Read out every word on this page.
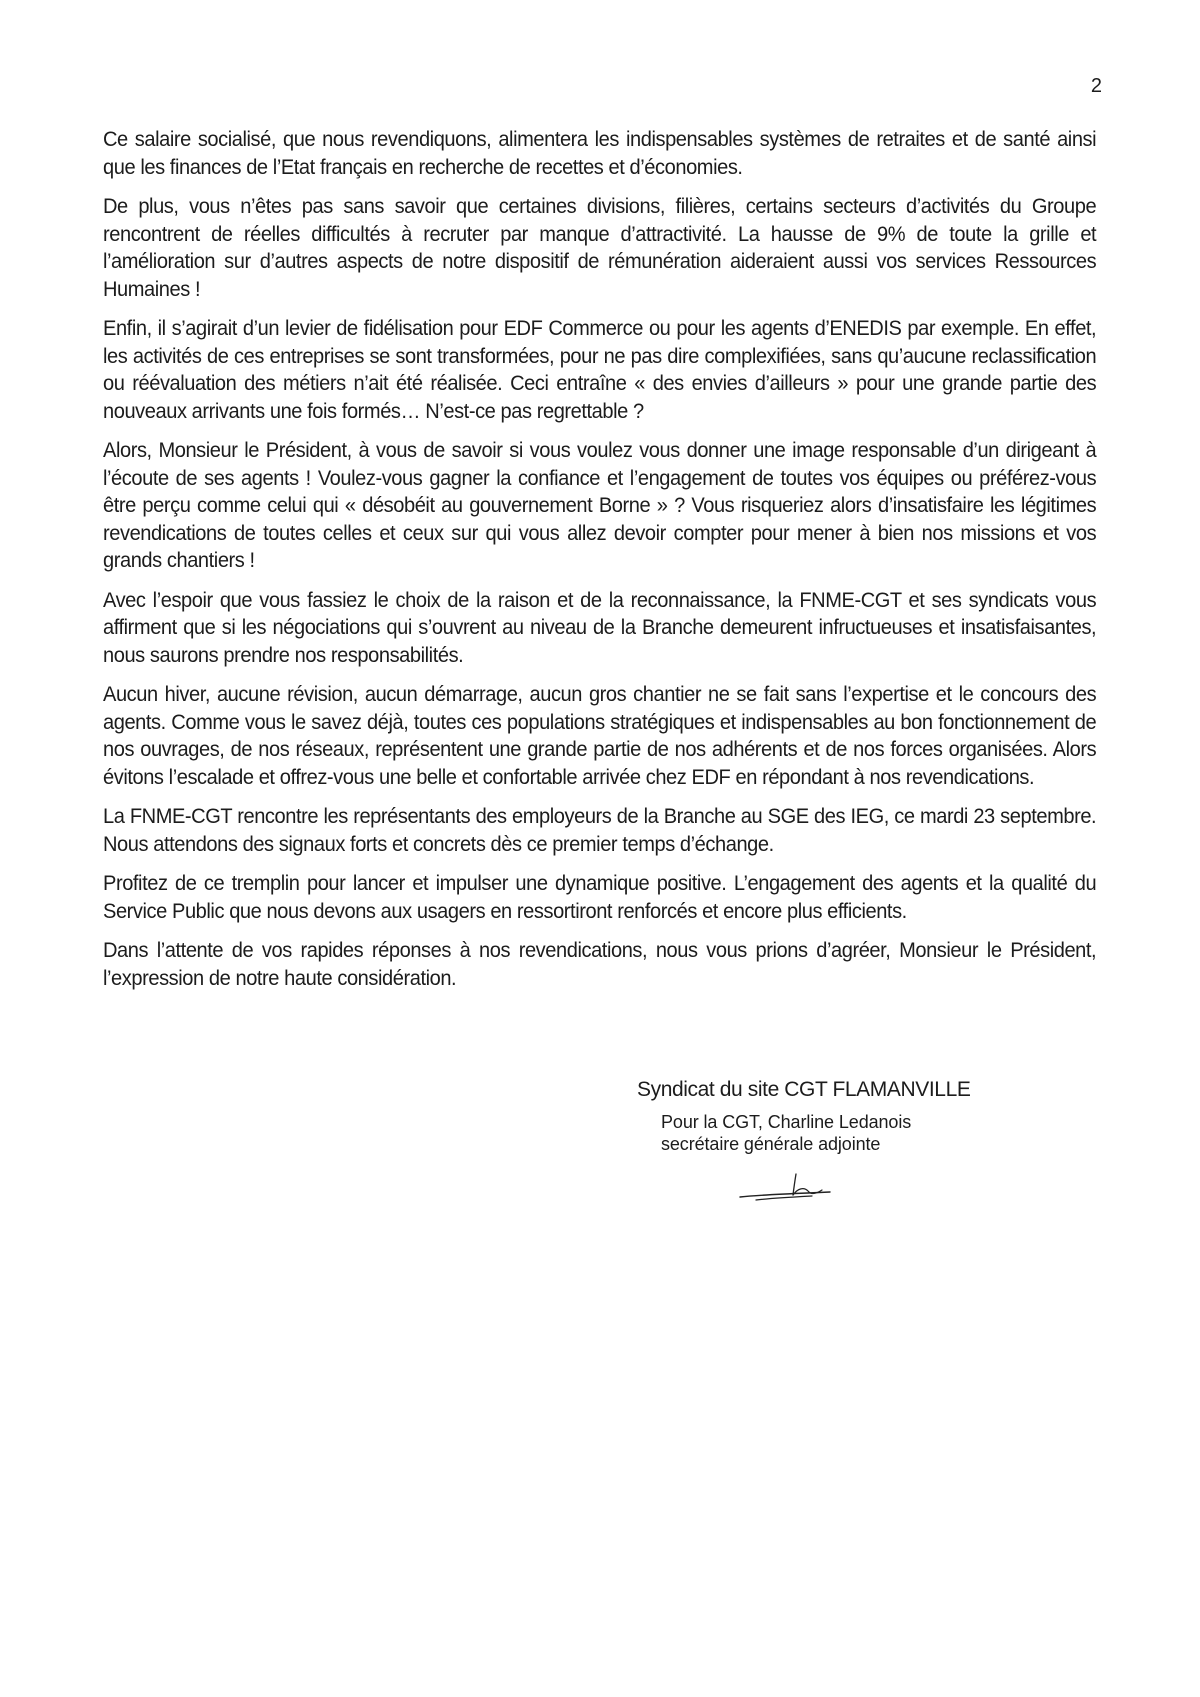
2

Ce salaire socialisé, que nous revendiquons, alimentera les indispensables systèmes de retraites et de santé ainsi que les finances de l’Etat français en recherche de recettes et d’économies.

De plus, vous n’êtes pas sans savoir que certaines divisions, filières, certains secteurs d’activités du Groupe rencontrent de réelles difficultés à recruter par manque d’attractivité. La hausse de 9% de toute la grille et l’amélioration sur d’autres aspects de notre dispositif de rémunération aideraient aussi vos services Ressources Humaines !

Enfin, il s’agirait d’un levier de fidélisation pour EDF Commerce ou pour les agents d’ENEDIS par exemple. En effet, les activités de ces entreprises se sont transformées, pour ne pas dire complexifiées, sans qu’aucune reclassification ou réévaluation des métiers n’ait été réalisée. Ceci entraîne « des envies d’ailleurs » pour une grande partie des nouveaux arrivants une fois formés… N’est-ce pas regrettable ?

Alors, Monsieur le Président, à vous de savoir si vous voulez vous donner une image responsable d’un dirigeant à l’écoute de ses agents ! Voulez-vous gagner la confiance et l’engagement de toutes vos équipes ou préférez-vous être perçu comme celui qui « désobéit au gouvernement Borne » ? Vous risqueriez alors d’insatisfaire les légitimes revendications de toutes celles et ceux sur qui vous allez devoir compter pour mener à bien nos missions et vos grands chantiers !

Avec l’espoir que vous fassiez le choix de la raison et de la reconnaissance, la FNME-CGT et ses syndicats vous affirment que si les négociations qui s’ouvrent au niveau de la Branche demeurent infructueuses et insatisfaisantes, nous saurons prendre nos responsabilités.

Aucun hiver, aucune révision, aucun démarrage, aucun gros chantier ne se fait sans l’expertise et le concours des agents. Comme vous le savez déjà, toutes ces populations stratégiques et indispensables au bon fonctionnement de nos ouvrages, de nos réseaux, représentent une grande partie de nos adhérents et de nos forces organisées. Alors évitons l’escalade et offrez-vous une belle et confortable arrivée chez EDF en répondant à nos revendications.

La FNME-CGT rencontre les représentants des employeurs de la Branche au SGE des IEG, ce mardi 23 septembre. Nous attendons des signaux forts et concrets dès ce premier temps d’échange.

Profitez de ce tremplin pour lancer et impulser une dynamique positive. L’engagement des agents et la qualité du Service Public que nous devons aux usagers en ressortiront renforcés et encore plus efficients.

Dans l’attente de vos rapides réponses à nos revendications, nous vous prions d’agréer, Monsieur le Président, l’expression de notre haute considération.

Syndicat du site CGT FLAMANVILLE

Pour la CGT, Charline Ledanois

secrétaire générale adjointe
